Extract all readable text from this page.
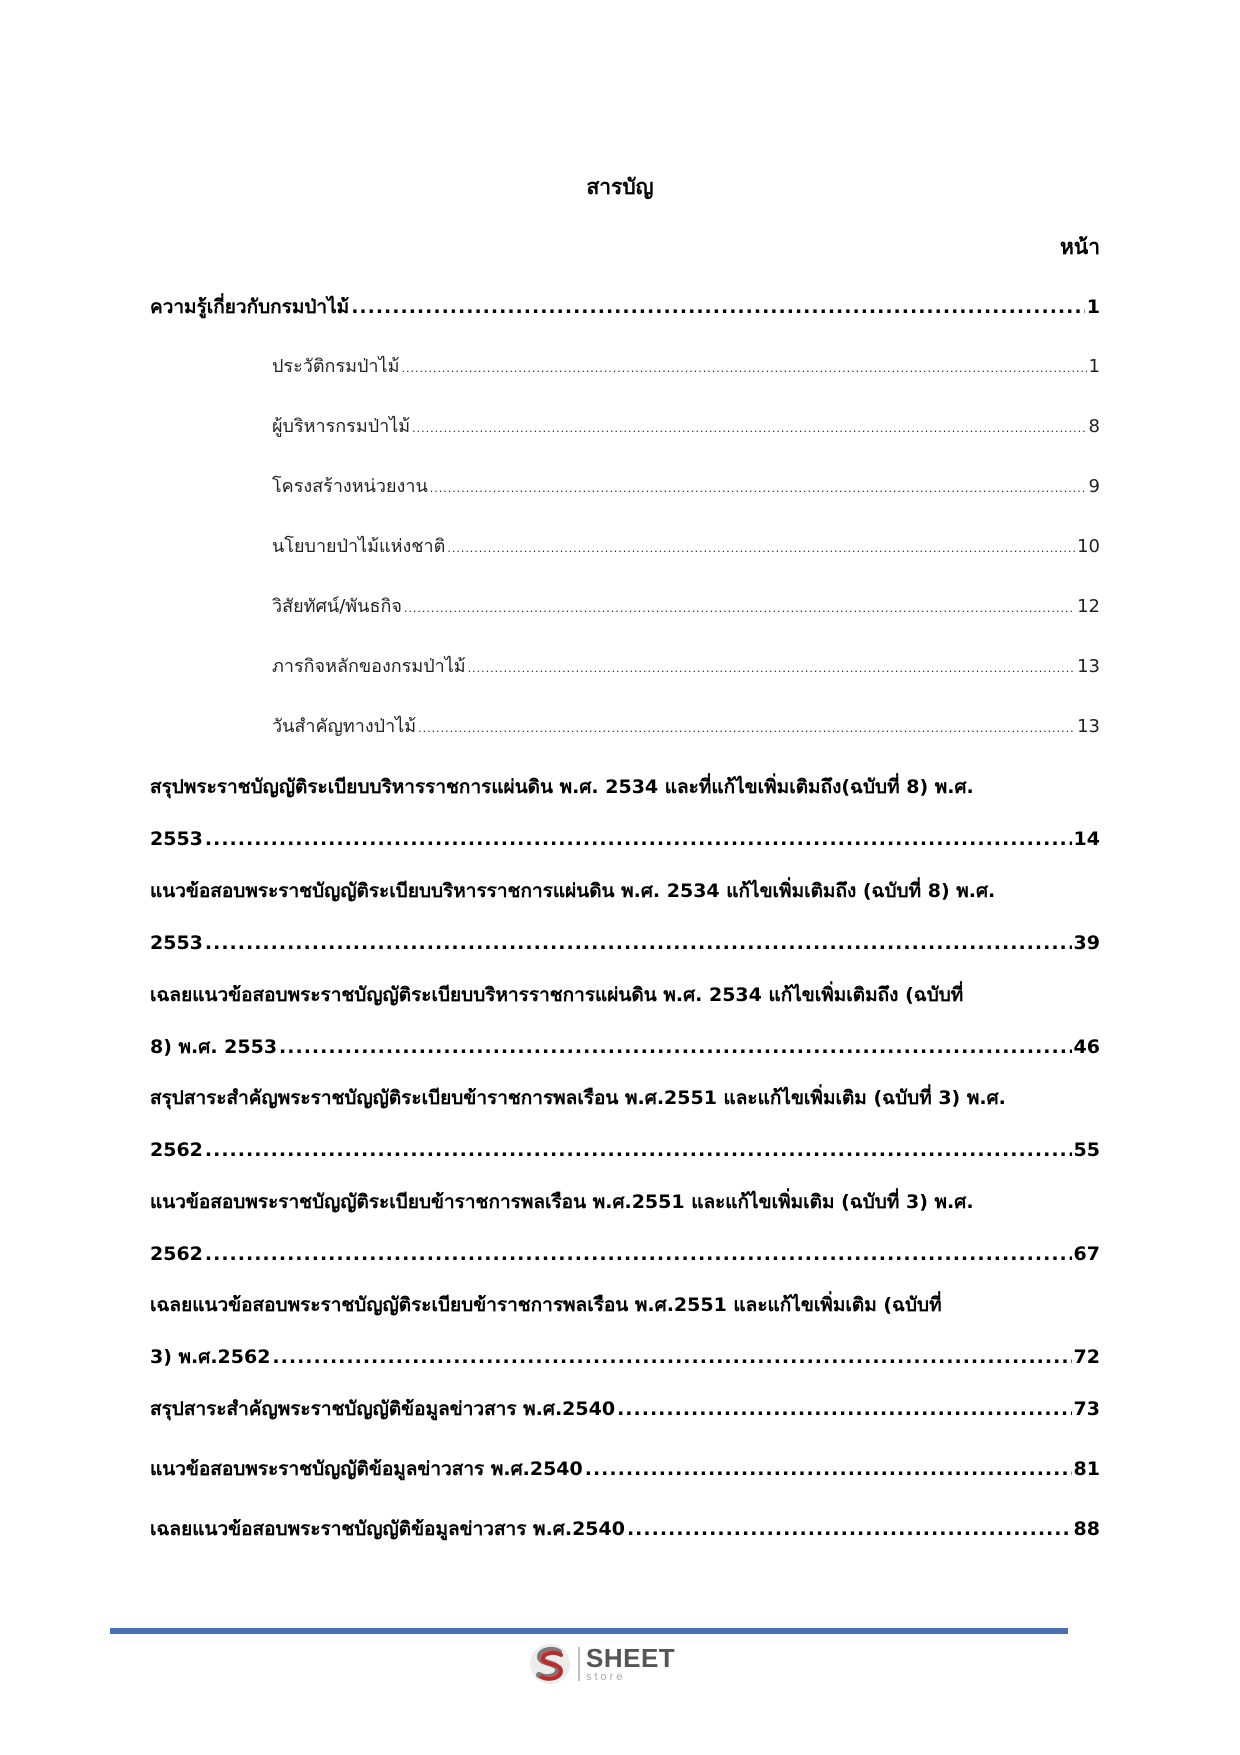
สารบัญ
หน้า
ความรู้เกี่ยวกับกรมป่าไม้ .....	1
ประวัติกรมป่าไม้ .....	1
ผู้บริหารกรมป่าไม้ .....	8
โครงสร้างหน่วยงาน .....	9
นโยบายป่าไม้แห่งชาติ .....	10
วิสัยทัศน์/พันธกิจ .....	12
ภารกิจหลักของกรมป่าไม้ .....	13
วันสำคัญทางป่าไม้ .....	13
สรุปพระราชบัญญัติระเบียบบริหารราชการแผ่นดิน พ.ศ. 2534 และที่แก้ไขเพิ่มเติมถึง(ฉบับที่ 8) พ.ศ.
2553 .....	14
แนวข้อสอบพระราชบัญญัติระเบียบบริหารราชการแผ่นดิน พ.ศ. 2534 แก้ไขเพิ่มเติมถึง (ฉบับที่ 8) พ.ศ.
2553 .....	39
เฉลยแนวข้อสอบพระราชบัญญัติระเบียบบริหารราชการแผ่นดิน พ.ศ. 2534 แก้ไขเพิ่มเติมถึง (ฉบับที่
8) พ.ศ. 2553 .....	46
สรุปสาระสำคัญพระราชบัญญัติระเบียบข้าราชการพลเรือน พ.ศ.2551 และแก้ไขเพิ่มเติม (ฉบับที่ 3) พ.ศ.
2562 .....	55
แนวข้อสอบพระราชบัญญัติระเบียบข้าราชการพลเรือน พ.ศ.2551 และแก้ไขเพิ่มเติม (ฉบับที่ 3) พ.ศ.
2562 .....	67
เฉลยแนวข้อสอบพระราชบัญญัติระเบียบข้าราชการพลเรือน พ.ศ.2551 และแก้ไขเพิ่มเติม (ฉบับที่
3) พ.ศ.2562 .....	72
สรุปสาระสำคัญพระราชบัญญัติข้อมูลข่าวสาร พ.ศ.2540 .....	73
แนวข้อสอบพระราชบัญญัติข้อมูลข่าวสาร พ.ศ.2540 .....	81
เฉลยแนวข้อสอบพระราชบัญญัติข้อมูลข่าวสาร พ.ศ.2540 .....	88
SHEET
store
